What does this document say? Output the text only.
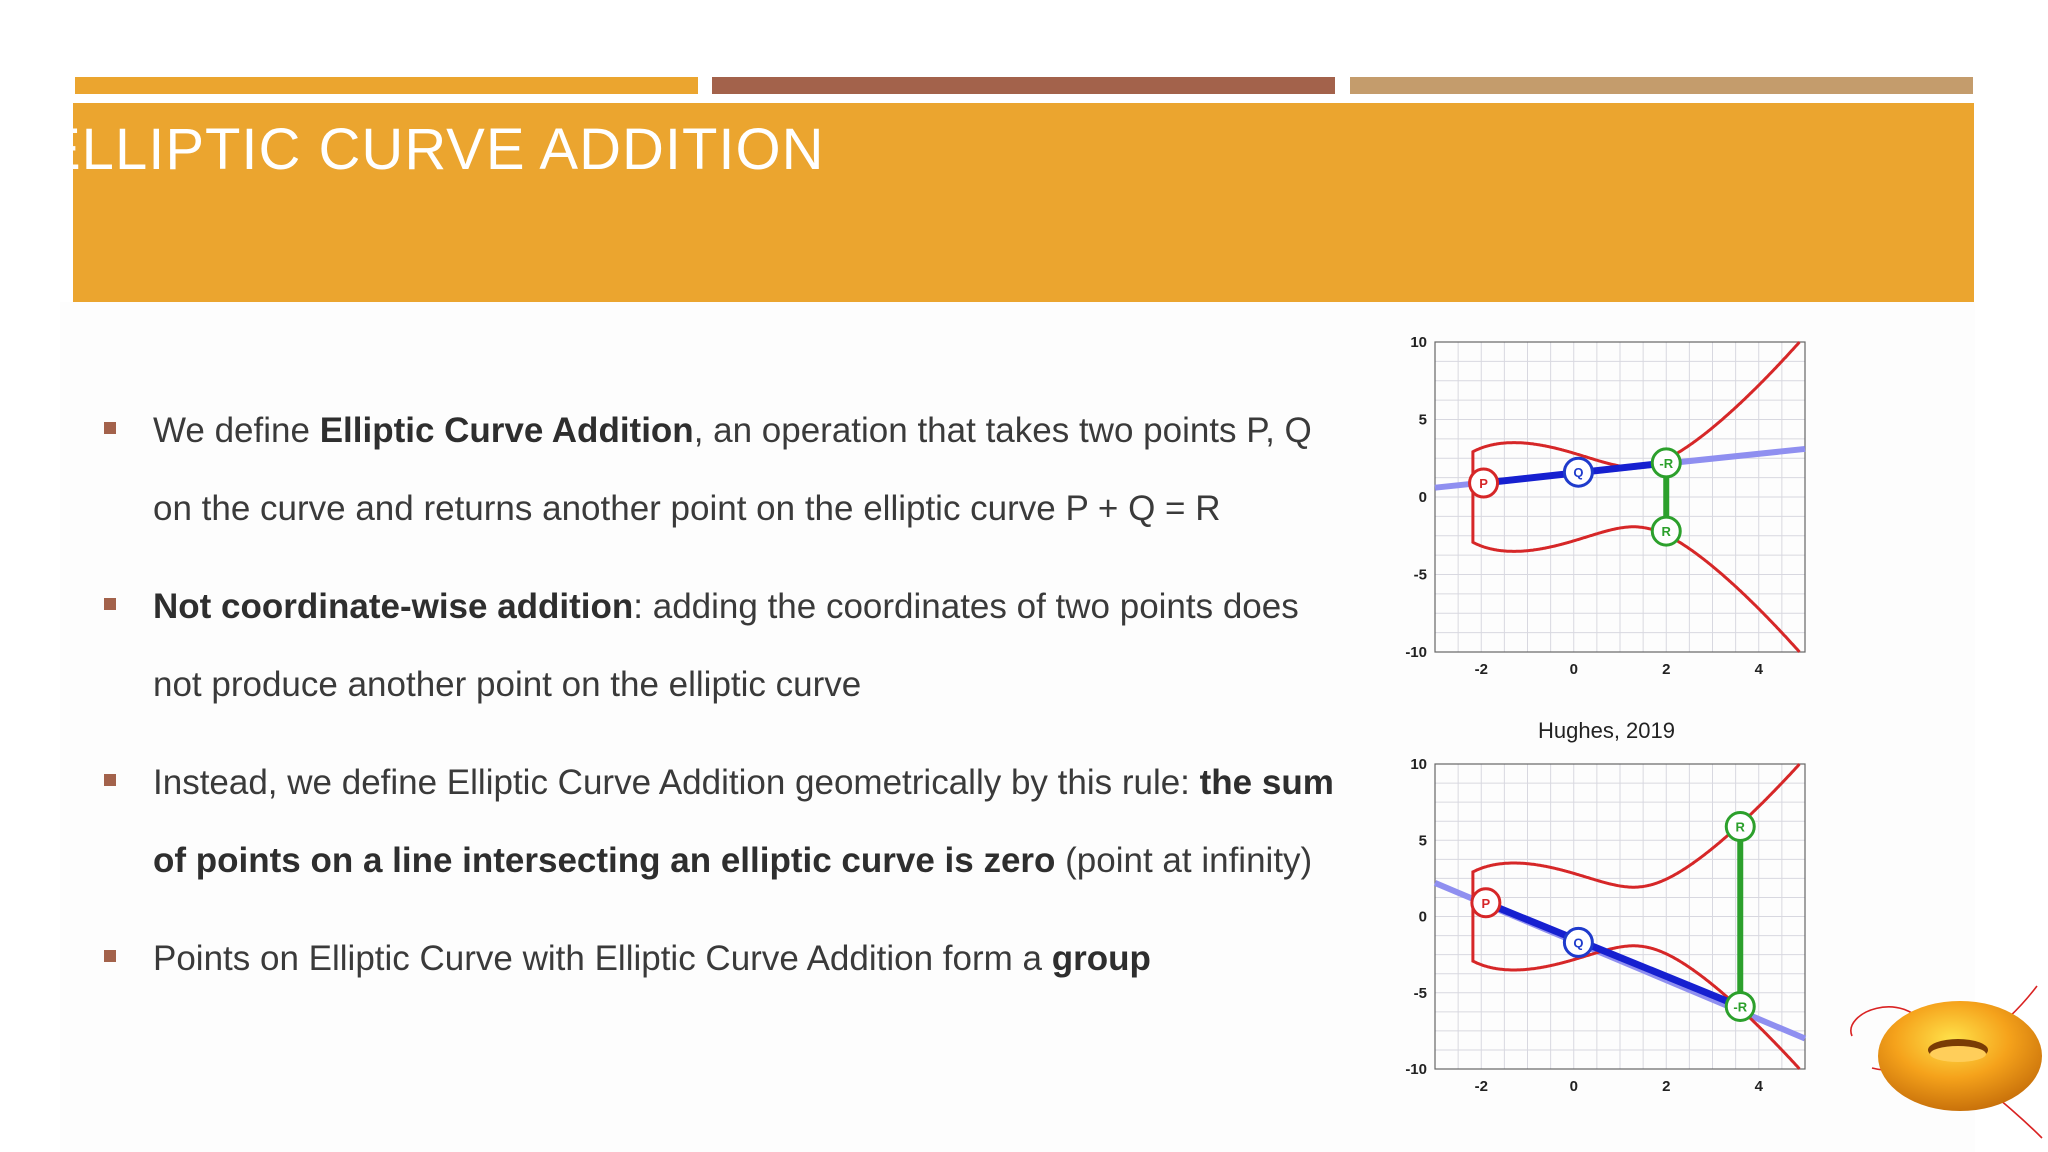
ELLIPTIC CURVE ADDITION
We define Elliptic Curve Addition, an operation that takes two points P, Q on the curve and returns another point on the elliptic curve P + Q = R
Not coordinate-wise addition: adding the coordinates of two points does not produce another point on the elliptic curve
Instead, we define Elliptic Curve Addition geometrically by this rule: the sum of points on a line intersecting an elliptic curve is zero (point at infinity)
Points on Elliptic Curve with Elliptic Curve Addition form a group
-2	0	2	4
10
5
0
-5
-10
P
Q
-R
R
Hughes, 2019
-2	0	2	4
10
5
0
-5
-10
P
Q
R
-R
